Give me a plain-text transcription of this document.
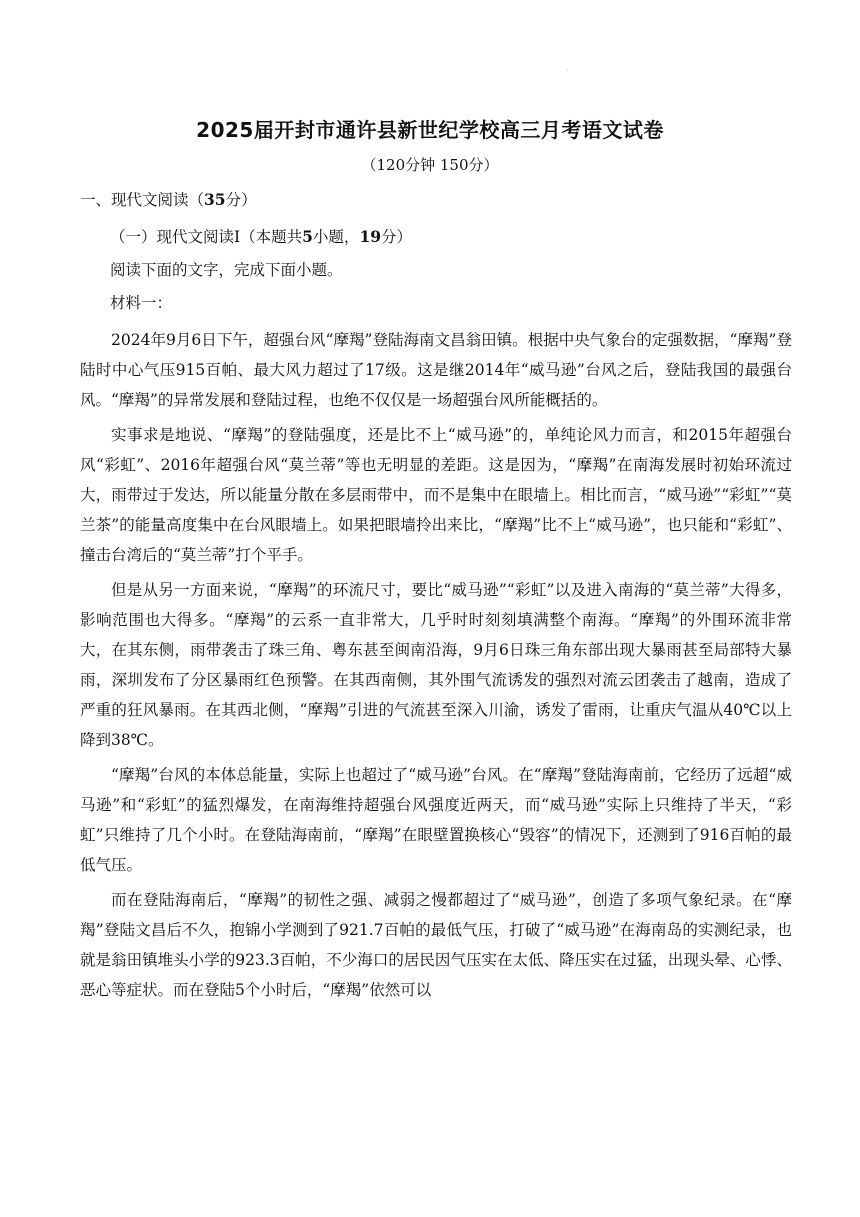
·
2025届开封市通许县新世纪学校高三月考语文试卷
（120分钟 150分）
一、现代文阅读（35分）
（一）现代文阅读Ⅰ（本题共5小题，19分）
阅读下面的文字，完成下面小题。
材料一：

2024年9月6日下午，超强台风“摩羯”登陆海南文昌翁田镇。根据中央气象台的定强数据，“摩羯”登陆时中心气压915百帕、最大风力超过了17级。这是继2014年“威马逊”台风之后，登陆我国的最强台风。“摩羯”的异常发展和登陆过程，也绝不仅仅是一场超强台风所能概括的。

实事求是地说、“摩羯”的登陆强度，还是比不上“威马逊”的，单纯论风力而言，和2015年超强台风“彩虹”、2016年超强台风“莫兰蒂”等也无明显的差距。这是因为，“摩羯”在南海发展时初始环流过大，雨带过于发达，所以能量分散在多层雨带中，而不是集中在眼墙上。相比而言，“威马逊”“彩虹”“莫兰茶”的能量高度集中在台风眼墙上。如果把眼墙拎出来比，“摩羯”比不上“威马逊”，也只能和“彩虹”、撞击台湾后的“莫兰蒂”打个平手。

但是从另一方面来说，“摩羯”的环流尺寸，要比“威马逊”“彩虹”以及进入南海的“莫兰蒂”大得多，影响范围也大得多。“摩羯”的云系一直非常大，几乎时时刻刻填满整个南海。“摩羯”的外围环流非常大，在其东侧，雨带袭击了珠三角、粤东甚至闽南沿海，9月6日珠三角东部出现大暴雨甚至局部特大暴雨，深圳发布了分区暴雨红色预警。在其西南侧，其外围气流诱发的强烈对流云团袭击了越南，造成了严重的狂风暴雨。在其西北侧，“摩羯”引进的气流甚至深入川渝，诱发了雷雨，让重庆气温从40℃以上降到38℃。

“摩羯”台风的本体总能量，实际上也超过了“威马逊”台风。在“摩羯”登陆海南前，它经历了远超“威马逊”和“彩虹”的猛烈爆发，在南海维持超强台风强度近两天，而“威马逊”实际上只维持了半天，“彩虹”只维持了几个小时。在登陆海南前，“摩羯”在眼壁置换核心“毁容”的情况下，还测到了916百帕的最低气压。

而在登陆海南后，“摩羯”的韧性之强、减弱之慢都超过了“威马逊”，创造了多项气象纪录。在“摩羯”登陆文昌后不久，抱锦小学测到了921.7百帕的最低气压，打破了“威马逊”在海南岛的实测纪录，也就是翁田镇堆头小学的923.3百帕，不少海口的居民因气压实在太低、降压实在过猛，出现头晕、心悸、恶心等症状。而在登陆5个小时后，“摩羯”依然可以
